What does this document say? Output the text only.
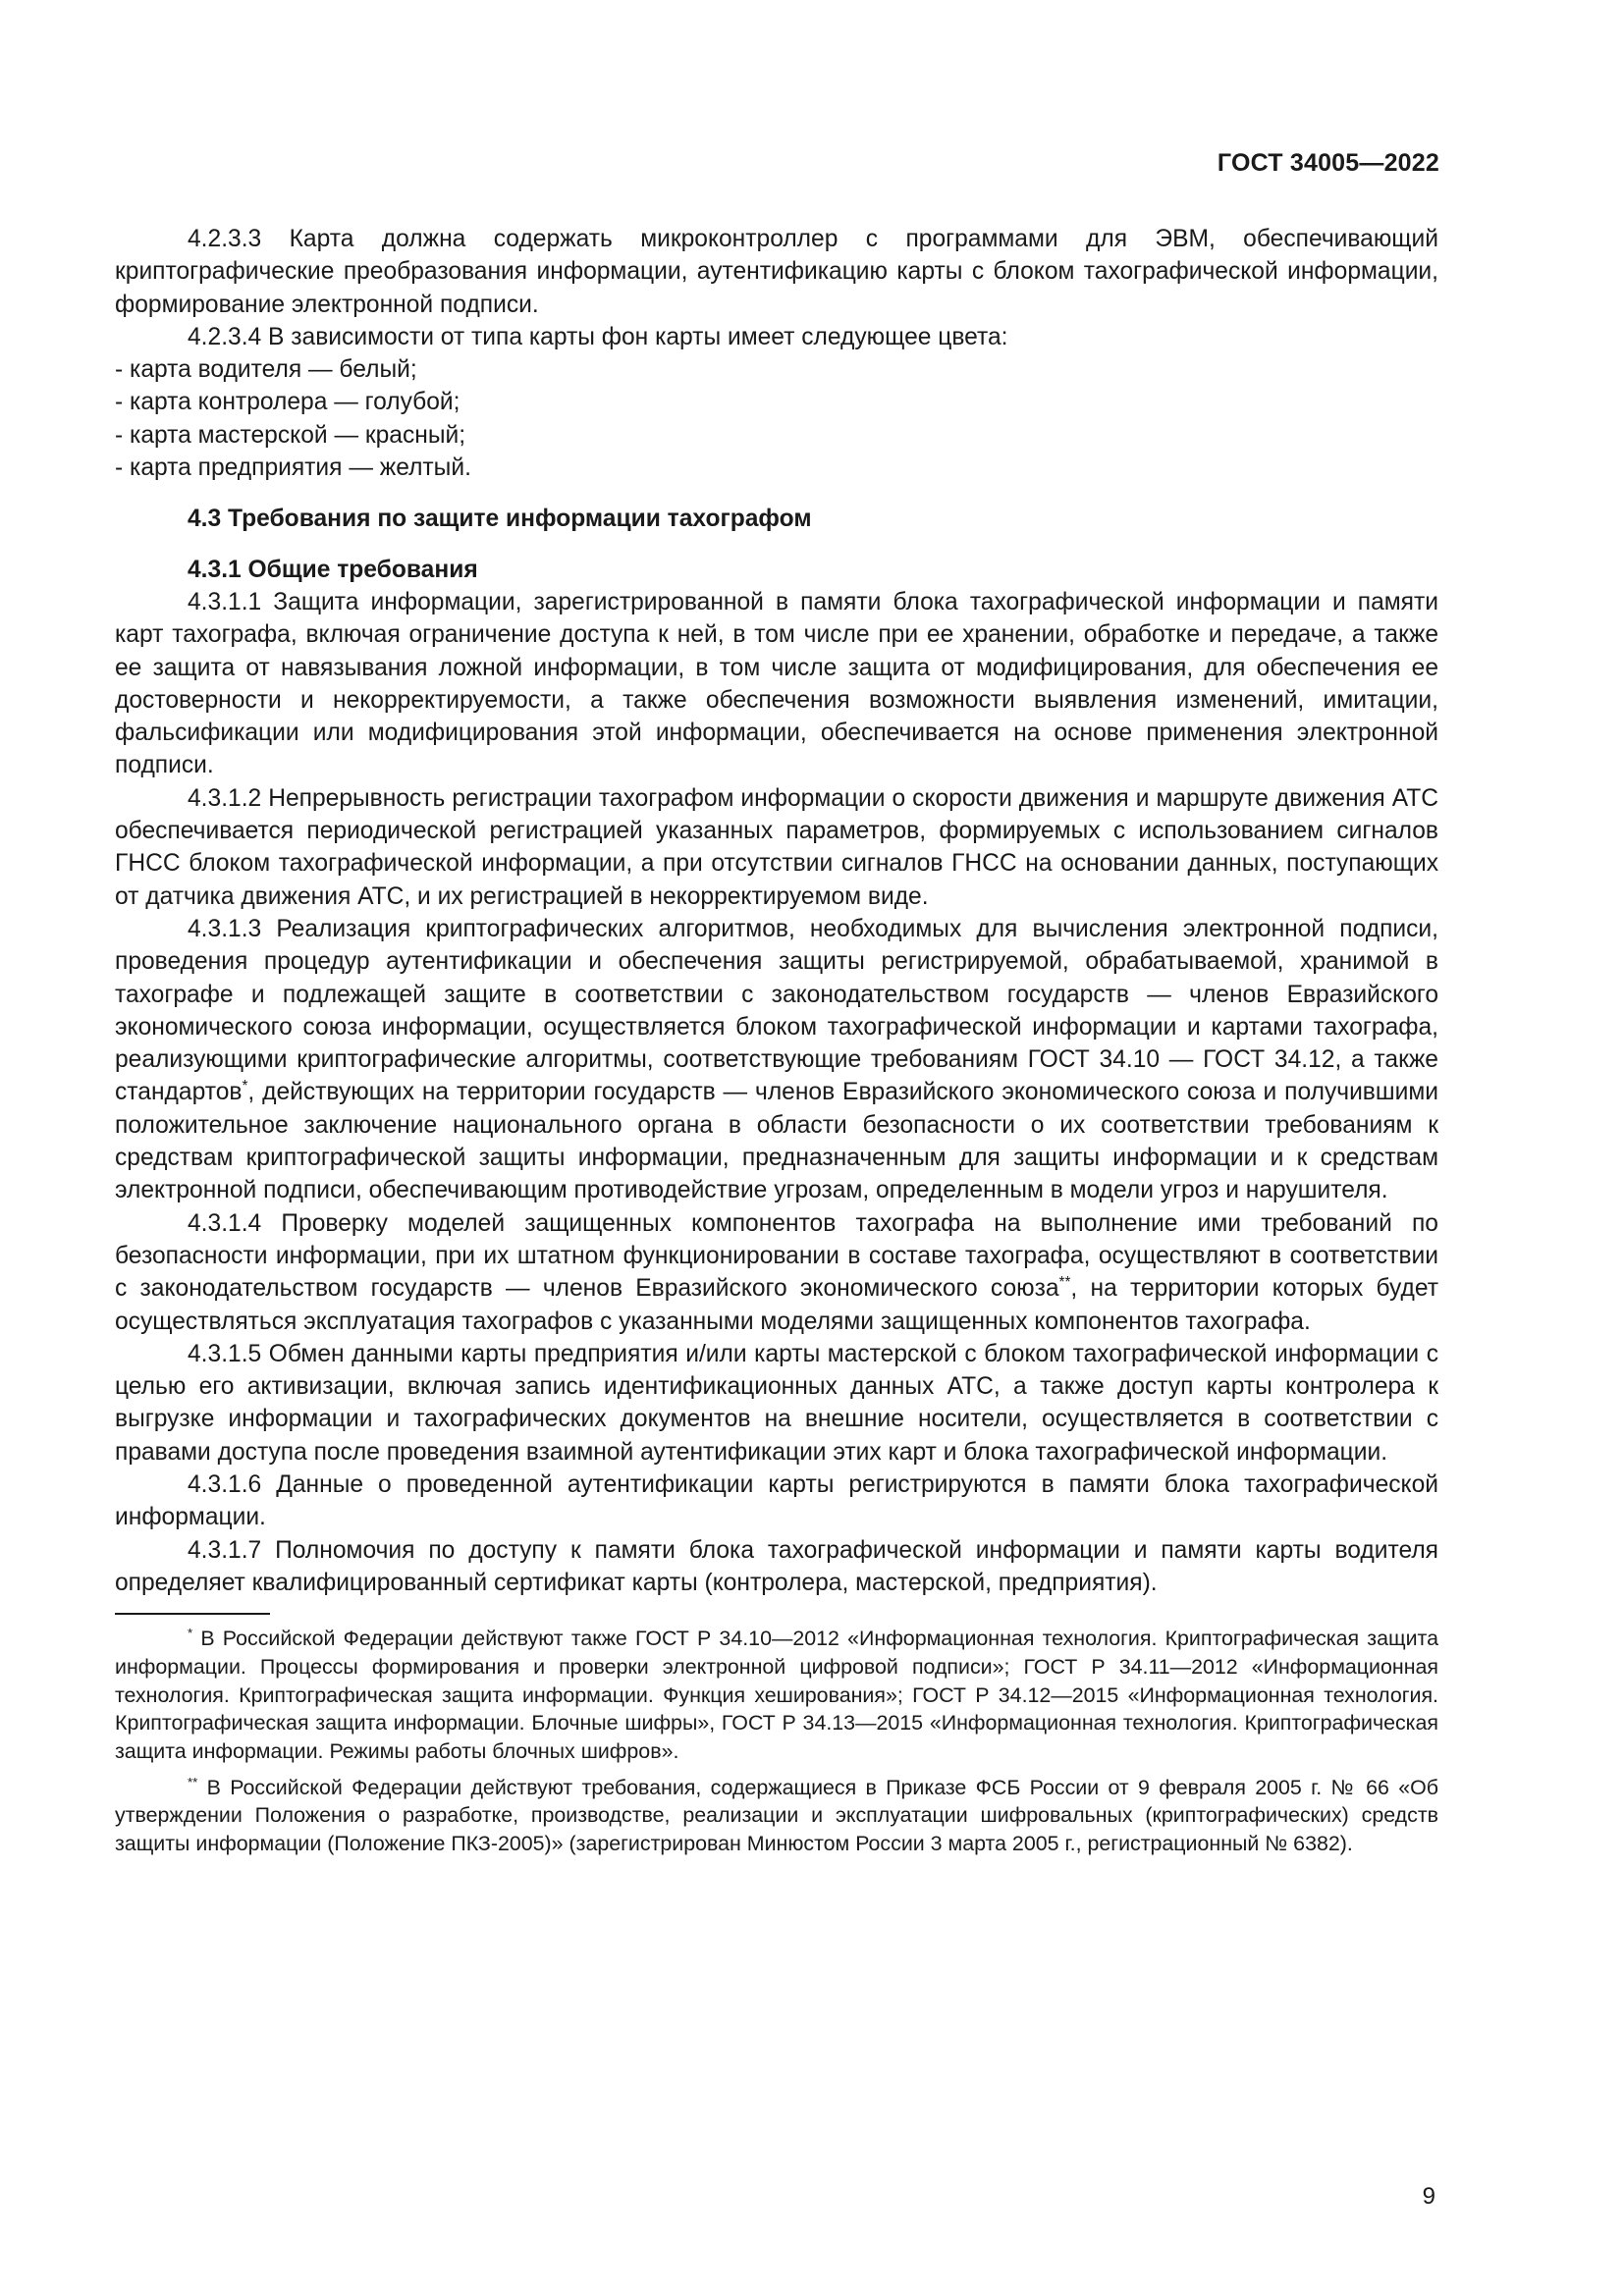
ГОСТ 34005—2022

4.2.3.3 Карта должна содержать микроконтроллер с программами для ЭВМ, обеспечивающий криптографические преобразования информации, аутентификацию карты с блоком тахографической информации, формирование электронной подписи.

4.2.3.4 В зависимости от типа карты фон карты имеет следующее цвета:

- карта водителя — белый;

- карта контролера — голубой;

- карта мастерской — красный;

- карта предприятия — желтый.

4.3 Требования по защите информации тахографом
4.3.1 Общие требования

4.3.1.1 Защита информации, зарегистрированной в памяти блока тахографической информации и памяти карт тахографа, включая ограничение доступа к ней, в том числе при ее хранении, обработке и передаче, а также ее защита от навязывания ложной информации, в том числе защита от модифицирования, для обеспечения ее достоверности и некорректируемости, а также обеспечения возможности выявления изменений, имитации, фальсификации или модифицирования этой информации, обеспечивается на основе применения электронной подписи.

4.3.1.2 Непрерывность регистрации тахографом информации о скорости движения и маршруте движения АТС обеспечивается периодической регистрацией указанных параметров, формируемых с использованием сигналов ГНСС блоком тахографической информации, а при отсутствии сигналов ГНСС на основании данных, поступающих от датчика движения АТС, и их регистрацией в некорректируемом виде.

4.3.1.3 Реализация криптографических алгоритмов, необходимых для вычисления электронной подписи, проведения процедур аутентификации и обеспечения защиты регистрируемой, обрабатываемой, хранимой в тахографе и подлежащей защите в соответствии с законодательством государств — членов Евразийского экономического союза информации, осуществляется блоком тахографической информации и картами тахографа, реализующими криптографические алгоритмы, соответствующие требованиям ГОСТ 34.10 — ГОСТ 34.12, а также стандартов*, действующих на территории государств — членов Евразийского экономического союза и получившими положительное заключение национального органа в области безопасности о их соответствии требованиям к средствам криптографической защиты информации, предназначенным для защиты информации и к средствам электронной подписи, обеспечивающим противодействие угрозам, определенным в модели угроз и нарушителя.

4.3.1.4 Проверку моделей защищенных компонентов тахографа на выполнение ими требований по безопасности информации, при их штатном функционировании в составе тахографа, осуществляют в соответствии с законодательством государств — членов Евразийского экономического союза**, на территории которых будет осуществляться эксплуатация тахографов с указанными моделями защищенных компонентов тахографа.

4.3.1.5 Обмен данными карты предприятия и/или карты мастерской с блоком тахографической информации с целью его активизации, включая запись идентификационных данных АТС, а также доступ карты контролера к выгрузке информации и тахографических документов на внешние носители, осуществляется в соответствии с правами доступа после проведения взаимной аутентификации этих карт и блока тахографической информации.

4.3.1.6 Данные о проведенной аутентификации карты регистрируются в памяти блока тахографической информации.

4.3.1.7 Полномочия по доступу к памяти блока тахографической информации и памяти карты водителя определяет квалифицированный сертификат карты (контролера, мастерской, предприятия).

* В Российской Федерации действуют также ГОСТ Р 34.10—2012 «Информационная технология. Криптографическая защита информации. Процессы формирования и проверки электронной цифровой подписи»; ГОСТ Р 34.11—2012 «Информационная технология. Криптографическая защита информации. Функция хеширования»; ГОСТ Р 34.12—2015 «Информационная технология. Криптографическая защита информации. Блочные шифры», ГОСТ Р 34.13—2015 «Информационная технология. Криптографическая защита информации. Режимы работы блочных шифров».

** В Российской Федерации действуют требования, содержащиеся в Приказе ФСБ России от 9 февраля 2005 г. № 66 «Об утверждении Положения о разработке, производстве, реализации и эксплуатации шифровальных (криптографических) средств защиты информации (Положение ПКЗ-2005)» (зарегистрирован Минюстом России 3 марта 2005 г., регистрационный № 6382).

9
